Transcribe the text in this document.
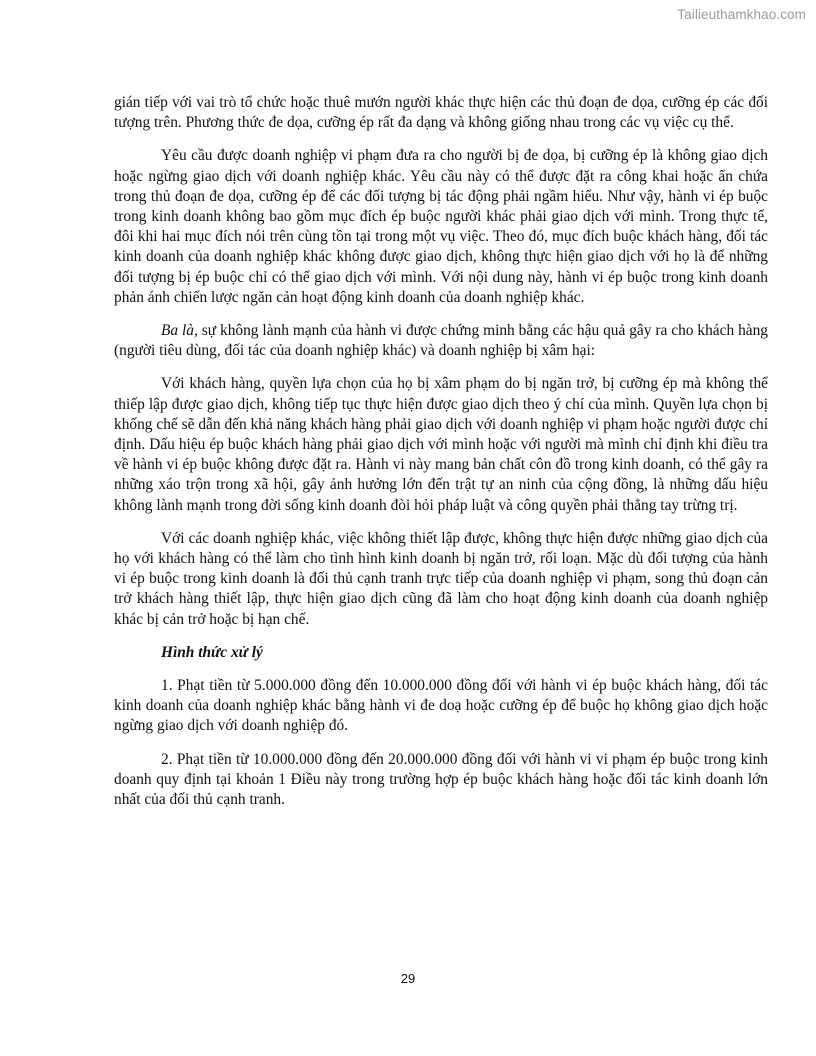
Tailieuthamkhao.com

gián tiếp với vai trò tổ chức hoặc thuê mướn người khác thực hiện các thủ đoạn đe dọa, cưỡng ép các đối tượng trên. Phương thức đe dọa, cưỡng ép rất đa dạng và không giống nhau trong các vụ việc cụ thể.

Yêu cầu được doanh nghiệp vi phạm đưa ra cho người bị đe dọa, bị cưỡng ép là không giao dịch hoặc ngừng giao dịch với doanh nghiệp khác. Yêu cầu này có thể được đặt ra công khai hoặc ẩn chứa trong thủ đoạn đe dọa, cưỡng ép để các đối tượng bị tác động phải ngầm hiểu. Như vậy, hành vi ép buộc trong kinh doanh không bao gồm mục đích ép buộc người khác phải giao dịch với mình. Trong thực tế, đôi khi hai mục đích nói trên cùng tồn tại trong một vụ việc. Theo đó, mục đích buộc khách hàng, đối tác kinh doanh của doanh nghiệp khác không được giao dịch, không thực hiện giao dịch với họ là để những đối tượng bị ép buộc chỉ có thể giao dịch với mình. Với nội dung này, hành vi ép buộc trong kinh doanh phản ánh chiến lược ngăn cản hoạt động kinh doanh của doanh nghiệp khác.

Ba là, sự không lành mạnh của hành vi được chứng minh bằng các hậu quả gây ra cho khách hàng (người tiêu dùng, đối tác của doanh nghiệp khác) và doanh nghiệp bị xâm hại:

Với khách hàng, quyền lựa chọn của họ bị xâm phạm do bị ngăn trở, bị cưỡng ép mà không thể thiếp lập được giao dịch, không tiếp tục thực hiện được giao dịch theo ý chí của mình. Quyền lựa chọn bị khống chế sẽ dẫn đến khả năng khách hàng phải giao dịch với doanh nghiệp vi phạm hoặc người được chỉ định. Dấu hiệu ép buộc khách hàng phải giao dịch với mình hoặc với người mà mình chỉ định khi điều tra về hành vi ép buộc không được đặt ra. Hành vi này mang bản chất côn đồ trong kinh doanh, có thể gây ra những xáo trộn trong xã hội, gây ảnh hưởng lớn đến trật tự an ninh của cộng đồng, là những dấu hiệu không lành mạnh trong đời sống kinh doanh đòi hỏi pháp luật và công quyền phải thẳng tay trừng trị.

Với các doanh nghiệp khác, việc không thiết lập được, không thực hiện được những giao dịch của họ với khách hàng có thể làm cho tình hình kinh doanh bị ngăn trở, rối loạn. Mặc dù đối tượng của hành vi ép buộc trong kinh doanh là đối thủ cạnh tranh trực tiếp của doanh nghiệp vi phạm, song thủ đoạn cản trở khách hàng thiết lập, thực hiện giao dịch cũng đã làm cho hoạt động kinh doanh của doanh nghiệp khác bị cản trở hoặc bị hạn chế.

Hình thức xử lý

1. Phạt tiền từ 5.000.000 đồng đến 10.000.000 đồng đối với hành vi ép buộc khách hàng, đối tác kinh doanh của doanh nghiệp khác bằng hành vi đe doạ hoặc cưỡng ép để buộc họ không giao dịch hoặc ngừng giao dịch với doanh nghiệp đó.

2. Phạt tiền từ 10.000.000 đồng đến 20.000.000 đồng đối với hành vi vi phạm ép buộc trong kinh doanh quy định tại khoản 1 Điều này trong trường hợp ép buộc khách hàng hoặc đối tác kinh doanh lớn nhất của đối thủ cạnh tranh.

29
